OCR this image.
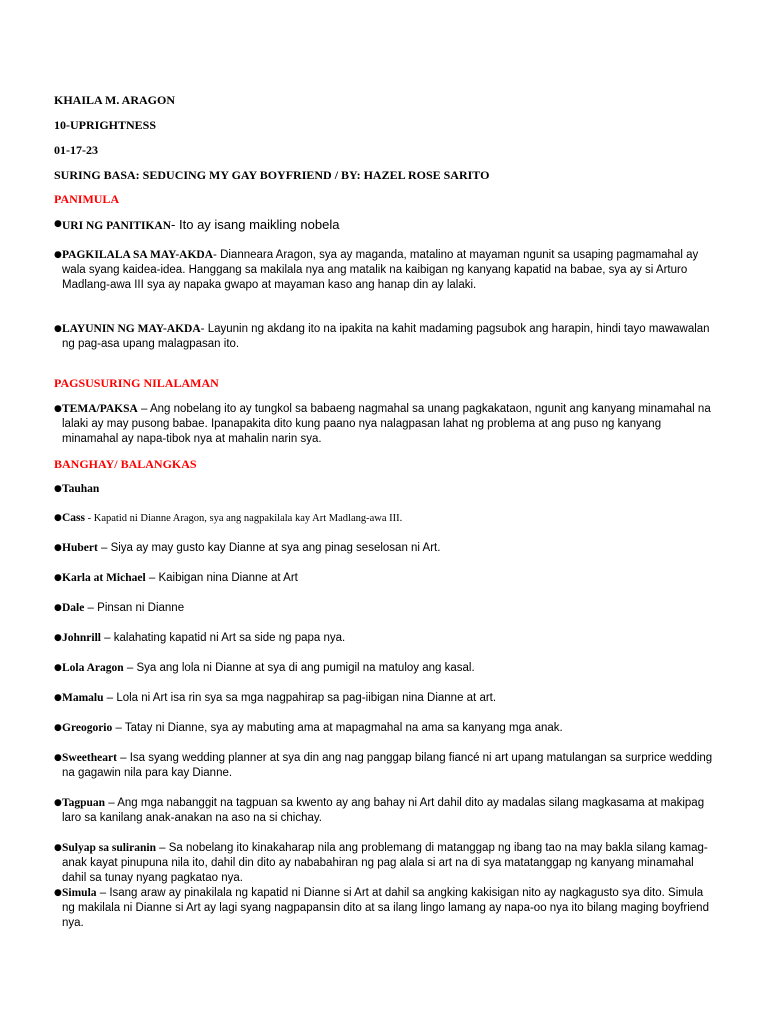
KHAILA M. ARAGON
10-UPRIGHTNESS
01-17-23
SURING BASA: SEDUCING MY GAY BOYFRIEND / BY: HAZEL ROSE SARITO
PANIMULA
● URI NG PANITIKAN- Ito ay isang maikling nobela
● PAGKILALA SA MAY-AKDA- Dianneara Aragon, sya ay maganda, matalino at mayaman ngunit sa usaping pagmamahal ay wala syang kaidea-idea. Hanggang sa makilala nya ang matalik na kaibigan ng kanyang kapatid na babae, sya ay si Arturo Madlang-awa III sya ay napaka gwapo at mayaman kaso ang hanap din ay lalaki.
● LAYUNIN NG MAY-AKDA- Layunin ng akdang ito na ipakita na kahit madaming pagsubok ang harapin, hindi tayo mawawalan ng pag-asa upang malagpasan ito.
PAGSUSURING NILALAMAN
● TEMA/PAKSA – Ang nobelang ito ay tungkol sa babaeng nagmahal sa unang pagkakataon, ngunit ang kanyang minamahal na lalaki ay may pusong babae. Ipanapakita dito kung paano nya nalagpasan lahat ng problema at ang puso ng kanyang minamahal ay napa-tibok nya at mahalin narin sya.
BANGHAY/ BALANGKAS
● Tauhan
● Cass - Kapatid ni Dianne Aragon, sya ang nagpakilala kay Art Madlang-awa III.
● Hubert – Siya ay may gusto kay Dianne at sya ang pinag seselosan ni Art.
● Karla at Michael – Kaibigan nina Dianne at Art
● Dale – Pinsan ni Dianne
● Johnrill – kalahating kapatid ni Art sa side ng papa nya.
● Lola Aragon – Sya ang lola ni Dianne at sya di ang pumigil na matuloy ang kasal.
● Mamalu – Lola ni Art isa rin sya sa mga nagpahirap sa pag-iibigan nina Dianne at art.
● Greogorio – Tatay ni Dianne, sya ay mabuting ama at mapagmahal na ama sa kanyang mga anak.
● Sweetheart – Isa syang wedding planner at sya din ang nag panggap bilang fiancé ni art upang matulangan sa surprice wedding na gagawin nila para kay Dianne.
● Tagpuan – Ang mga nabanggit na tagpuan sa kwento ay ang bahay ni Art dahil dito ay madalas silang magkasama at makipag laro sa kanilang anak-anakan na aso na si chichay.
● Sulyap sa suliranin – Sa nobelang ito kinakaharap nila ang problemang di matanggap ng ibang tao na may bakla silang kamag-anak kayat pinupuna nila ito, dahil din dito ay nababahiran ng pag alala si art na di sya matatanggap ng kanyang minamahal dahil sa tunay nyang pagkatao nya.
● Simula – Isang araw ay pinakilala ng kapatid ni Dianne si Art at dahil sa angking kakisigan nito ay nagkagusto sya dito. Simula ng makilala ni Dianne si Art ay lagi syang nagpapansin dito at sa ilang lingo lamang ay napa-oo nya ito bilang maging boyfriend nya.
